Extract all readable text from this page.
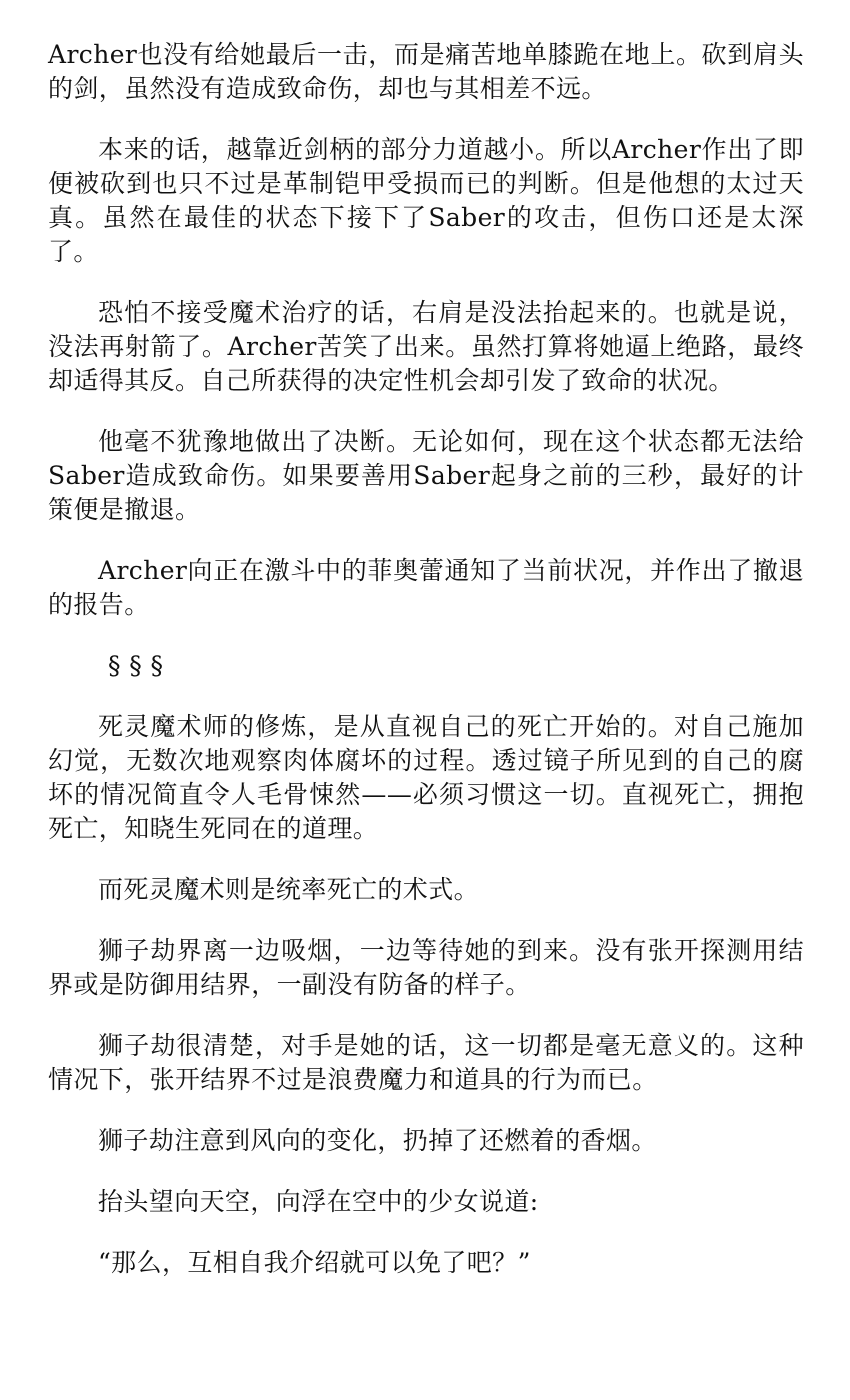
Archer也没有给她最后一击，而是痛苦地单膝跪在地上。砍到肩头的剑，虽然没有造成致命伤，却也与其相差不远。

本来的话，越靠近剑柄的部分力道越小。所以Archer作出了即便被砍到也只不过是革制铠甲受损而已的判断。但是他想的太过天真。虽然在最佳的状态下接下了Saber的攻击，但伤口还是太深了。

恐怕不接受魔术治疗的话，右肩是没法抬起来的。也就是说，没法再射箭了。Archer苦笑了出来。虽然打算将她逼上绝路，最终却适得其反。自己所获得的决定性机会却引发了致命的状况。

他毫不犹豫地做出了决断。无论如何，现在这个状态都无法给Saber造成致命伤。如果要善用Saber起身之前的三秒，最好的计策便是撤退。

Archer向正在激斗中的菲奥蕾通知了当前状况，并作出了撤退的报告。

§ § §

死灵魔术师的修炼，是从直视自己的死亡开始的。对自己施加幻觉，无数次地观察肉体腐坏的过程。透过镜子所见到的自己的腐坏的情况简直令人毛骨悚然——必须习惯这一切。直视死亡，拥抱死亡，知晓生死同在的道理。

而死灵魔术则是统率死亡的术式。

狮子劫界离一边吸烟，一边等待她的到来。没有张开探测用结界或是防御用结界，一副没有防备的样子。

狮子劫很清楚，对手是她的话，这一切都是毫无意义的。这种情况下，张开结界不过是浪费魔力和道具的行为而已。

狮子劫注意到风向的变化，扔掉了还燃着的香烟。

抬头望向天空，向浮在空中的少女说道:

“那么，互相自我介绍就可以免了吧？”
